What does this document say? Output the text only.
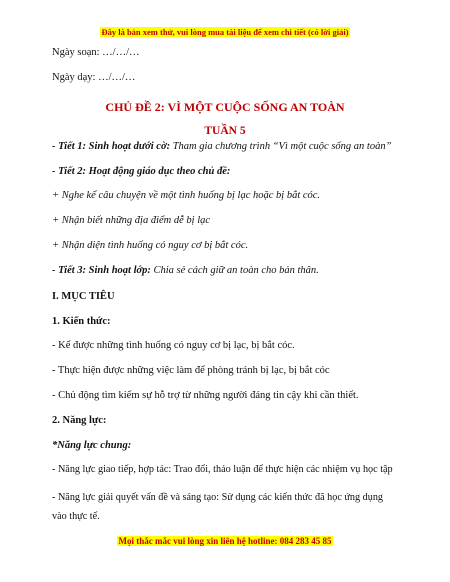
Đây là bản xem thử, vui lòng mua tài liệu để xem chi tiết (có lời giải)
Ngày soạn: …/…/…
Ngày dạy: …/…/…
CHỦ ĐỀ 2: VÌ MỘT CUỘC SỐNG AN TOÀN
TUẦN 5
- Tiết 1: Sinh hoạt dưới cờ: Tham gia chương trình “Vì một cuộc sống an toàn”
- Tiết 2: Hoạt động giáo dục theo chủ đề:
+ Nghe kể câu chuyện về một tình huống bị lạc hoặc bị bắt cóc.
+ Nhận biết những địa điểm dễ bị lạc
+ Nhận diện tình huống có nguy cơ bị bắt cóc.
- Tiết 3: Sinh hoạt lớp: Chia sẻ cách giữ an toàn cho bản thân.
I. MỤC TIÊU
1. Kiến thức:
- Kể được những tình huống có nguy cơ bị lạc, bị bắt cóc.
- Thực hiện được những việc làm để phòng tránh bị lạc, bị bắt cóc
- Chủ động tìm kiếm sự hỗ trợ từ những người đáng tin cậy khi cần thiết.
2. Năng lực:
*Năng lực chung:
- Năng lực giao tiếp, hợp tác: Trao đổi, thảo luận để thực hiện các nhiệm vụ học tập
- Năng lực giải quyết vấn đề và sáng tạo: Sử dụng các kiến thức đã học ứng dụng vào thực tế.
Mọi thắc mắc vui lòng xin liên hệ hotline: 084 283 45 85
